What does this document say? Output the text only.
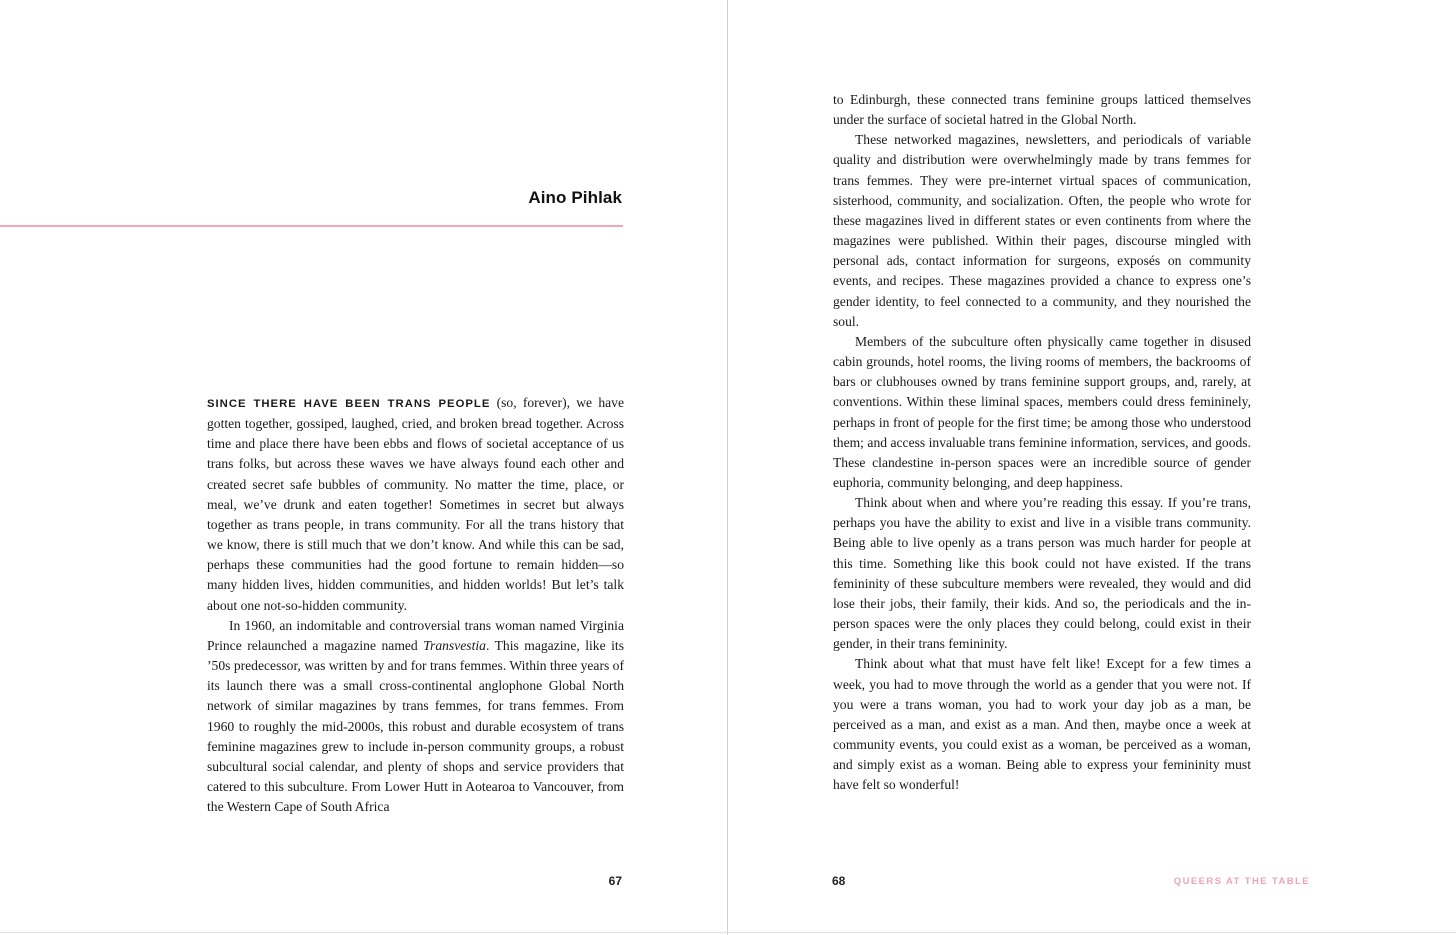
Aino Pihlak

SINCE THERE HAVE BEEN TRANS PEOPLE (so, forever), we have gotten together, gossiped, laughed, cried, and broken bread together. Across time and place there have been ebbs and flows of societal acceptance of us trans folks, but across these waves we have always found each other and created secret safe bubbles of community. No matter the time, place, or meal, we’ve drunk and eaten together! Sometimes in secret but always together as trans people, in trans community. For all the trans history that we know, there is still much that we don’t know. And while this can be sad, perhaps these communities had the good fortune to remain hidden—so many hidden lives, hidden communities, and hidden worlds! But let’s talk about one not-so-hidden community.

In 1960, an indomitable and controversial trans woman named Virginia Prince relaunched a magazine named Transvestia. This magazine, like its ’50s predecessor, was written by and for trans femmes. Within three years of its launch there was a small cross-continental anglophone Global North network of similar magazines by trans femmes, for trans femmes. From 1960 to roughly the mid-2000s, this robust and durable ecosystem of trans feminine magazines grew to include in-person community groups, a robust subcultural social calendar, and plenty of shops and service providers that catered to this subculture. From Lower Hutt in Aotearoa to Vancouver, from the Western Cape of South Africa

67

to Edinburgh, these connected trans feminine groups latticed themselves under the surface of societal hatred in the Global North.

These networked magazines, newsletters, and periodicals of variable quality and distribution were overwhelmingly made by trans femmes for trans femmes. They were pre-internet virtual spaces of communication, sisterhood, community, and socialization. Often, the people who wrote for these magazines lived in different states or even continents from where the magazines were published. Within their pages, discourse mingled with personal ads, contact information for surgeons, exposés on community events, and recipes. These magazines provided a chance to express one’s gender identity, to feel connected to a community, and they nourished the soul.

Members of the subculture often physically came together in disused cabin grounds, hotel rooms, the living rooms of members, the backrooms of bars or clubhouses owned by trans feminine support groups, and, rarely, at conventions. Within these liminal spaces, members could dress femininely, perhaps in front of people for the first time; be among those who understood them; and access invaluable trans feminine information, services, and goods. These clandestine in-person spaces were an incredible source of gender euphoria, community belonging, and deep happiness.

Think about when and where you’re reading this essay. If you’re trans, perhaps you have the ability to exist and live in a visible trans community. Being able to live openly as a trans person was much harder for people at this time. Something like this book could not have existed. If the trans femininity of these subculture members were revealed, they would and did lose their jobs, their family, their kids. And so, the periodicals and the in-person spaces were the only places they could belong, could exist in their gender, in their trans femininity.

Think about what that must have felt like! Except for a few times a week, you had to move through the world as a gender that you were not. If you were a trans woman, you had to work your day job as a man, be perceived as a man, and exist as a man. And then, maybe once a week at community events, you could exist as a woman, be perceived as a woman, and simply exist as a woman. Being able to express your femininity must have felt so wonderful!

68	QUEERS AT THE TABLE
